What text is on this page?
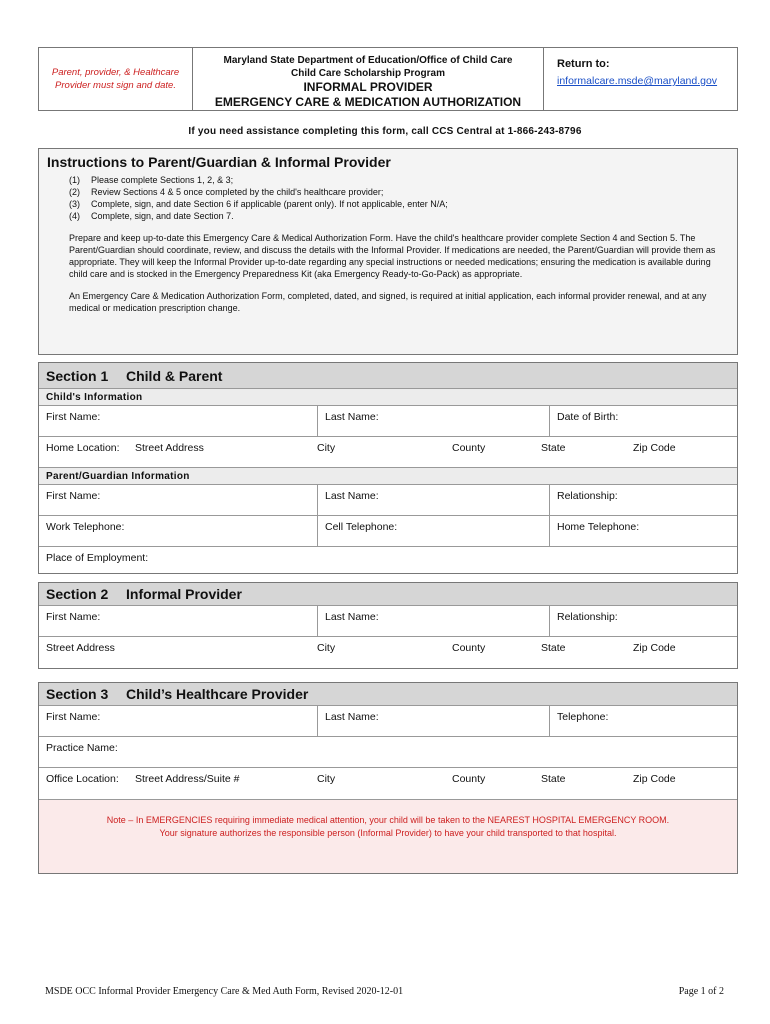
Parent, provider, & Healthcare Provider must sign and date.
Maryland State Department of Education/Office of Child Care
Child Care Scholarship Program
INFORMAL PROVIDER
EMERGENCY CARE & MEDICATION AUTHORIZATION
Return to:
informalcare.msde@maryland.gov
If you need assistance completing this form, call CCS Central at 1-866-243-8796
Instructions to Parent/Guardian & Informal Provider
(1)	Please complete Sections 1, 2, & 3;
(2)	Review Sections 4 & 5 once completed by the child's healthcare provider;
(3)	Complete, sign, and date Section 6 if applicable (parent only). If not applicable, enter N/A;
(4)	Complete, sign, and date Section 7.

Prepare and keep up-to-date this Emergency Care & Medical Authorization Form. Have the child's healthcare provider complete Section 4 and Section 5. The Parent/Guardian should coordinate, review, and discuss the details with the Informal Provider. If medications are needed, the Parent/Guardian will provide them as appropriate. They will keep the Informal Provider up-to-date regarding any special instructions or needed medications; ensuring the medication is available during child care and is stocked in the Emergency Preparedness Kit (aka Emergency Ready-to-Go-Pack) as appropriate.

An Emergency Care & Medication Authorization Form, completed, dated, and signed, is required at initial application, each informal provider renewal, and at any medical or medication prescription change.

Section 1	Child & Parent
Child's Information
First Name:	Last Name:	Date of Birth:
Home Location:	Street Address	City	County	State	Zip Code
Parent/Guardian Information
First Name:	Last Name:	Relationship:
Work Telephone:	Cell Telephone:	Home Telephone:
Place of Employment:
Section 2	Informal Provider
First Name:	Last Name:	Relationship:
Street Address	City	County	State	Zip Code
Section 3	Child’s Healthcare Provider
First Name:	Last Name:	Telephone:
Practice Name:
Office Location:	Street Address/Suite #	City	County	State	Zip Code

Note – In EMERGENCIES requiring immediate medical attention, your child will be taken to the NEAREST HOSPITAL EMERGENCY ROOM.

Your signature authorizes the responsible person (Informal Provider) to have your child transported to that hospital.

MSDE OCC Informal Provider Emergency Care & Med Auth Form, Revised 2020-12-01	Page 1 of 2
